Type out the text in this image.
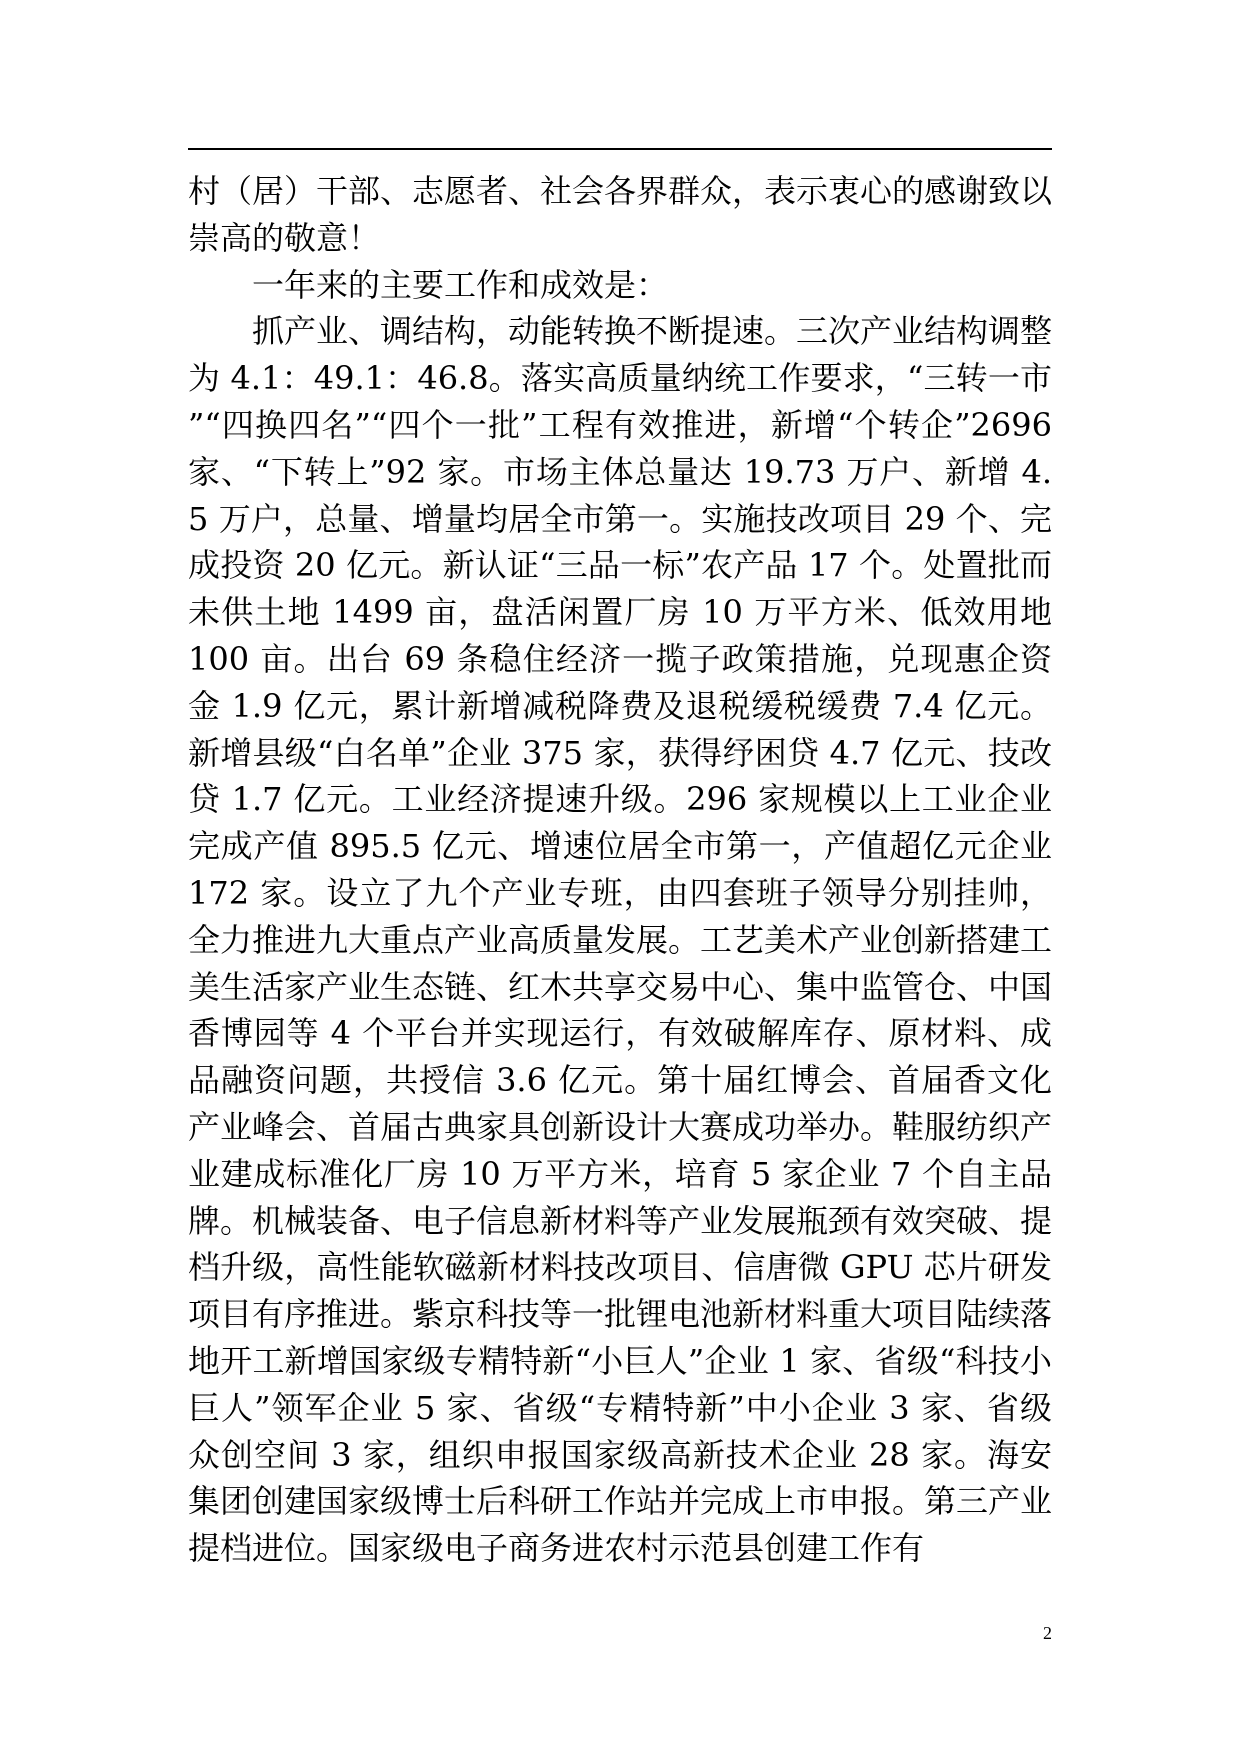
村（居）干部、志愿者、社会各界群众，表示衷心的感谢致以崇高的敬意！

一年来的主要工作和成效是：

抓产业、调结构，动能转换不断提速。三次产业结构调整为 4.1：49.1：46.8。落实高质量纳统工作要求，“三转一市”“四换四名”“四个一批”工程有效推进，新增“个转企”2696 家、“下转上”92 家。市场主体总量达 19.73 万户、新增 4.5 万户，总量、增量均居全市第一。实施技改项目 29 个、完成投资 20 亿元。新认证“三品一标”农产品 17 个。处置批而未供土地 1499 亩，盘活闲置厂房 10 万平方米、低效用地 100 亩。出台 69 条稳住经济一揽子政策措施，兑现惠企资金 1.9 亿元，累计新增减税降费及退税缓税缓费 7.4 亿元。新增县级“白名单”企业 375 家，获得纾困贷 4.7 亿元、技改贷 1.7 亿元。工业经济提速升级。296 家规模以上工业企业完成产值 895.5 亿元、增速位居全市第一，产值超亿元企业 172 家。设立了九个产业专班，由四套班子领导分别挂帅，全力推进九大重点产业高质量发展。工艺美术产业创新搭建工美生活家产业生态链、红木共享交易中心、集中监管仓、中国香博园等 4 个平台并实现运行，有效破解库存、原材料、成品融资问题，共授信 3.6 亿元。第十届红博会、首届香文化产业峰会、首届古典家具创新设计大赛成功举办。鞋服纺织产业建成标准化厂房 10 万平方米，培育 5 家企业 7 个自主品牌。机械装备、电子信息新材料等产业发展瓶颈有效突破、提档升级，高性能软磁新材料技改项目、信唐微 GPU 芯片研发项目有序推进。紫京科技等一批锂电池新材料重大项目陆续落地开工新增国家级专精特新“小巨人”企业 1 家、省级“科技小巨人”领军企业 5 家、省级“专精特新”中小企业 3 家、省级众创空间 3 家，组织申报国家级高新技术企业 28 家。海安集团创建国家级博士后科研工作站并完成上市申报。第三产业提档进位。国家级电子商务进农村示范县创建工作有

2
